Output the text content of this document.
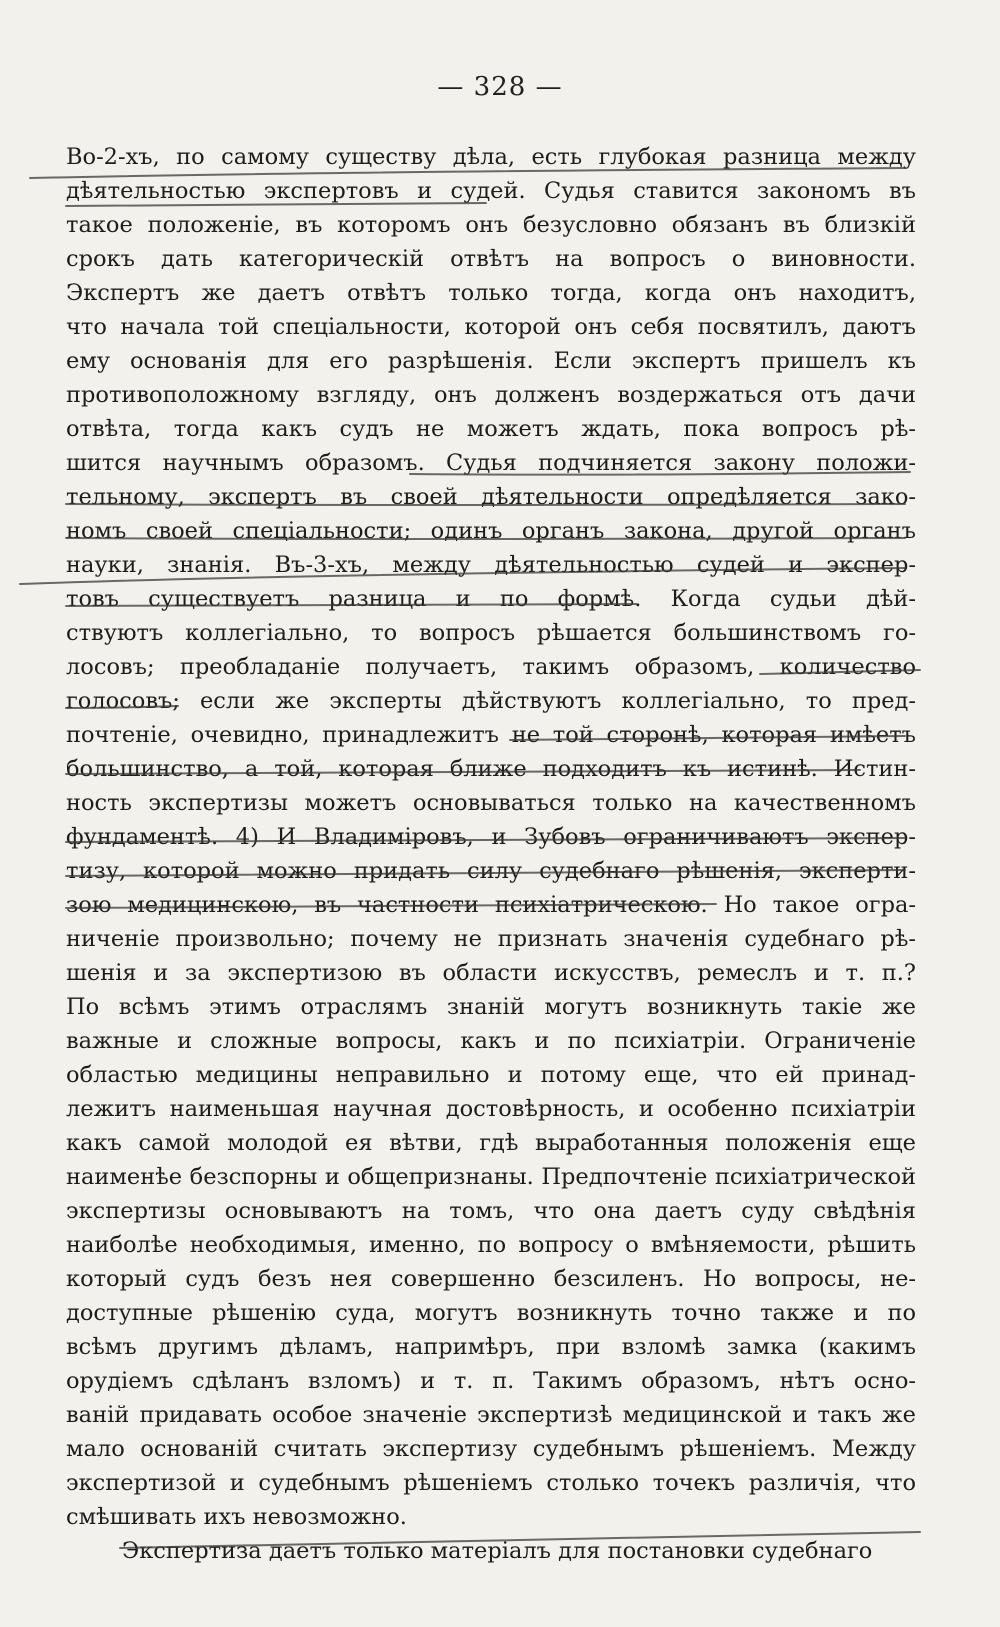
— 328 —
Во-2-хъ, по самому существу дѣла, есть глубокая разница между
дѣятельностью экспертовъ и судей. Судья ставится закономъ въ
такое положеніе, въ которомъ онъ безусловно обязанъ въ близкій
срокъ дать категорическій отвѣтъ на вопросъ о виновности.
Экспертъ же даетъ отвѣтъ только тогда, когда онъ находитъ,
что начала той спеціальности, которой онъ себя посвятилъ, даютъ
ему основанія для его разрѣшенія. Если экспертъ пришелъ къ
противоположному взгляду, онъ долженъ воздержаться отъ дачи
отвѣта, тогда какъ судъ не можетъ ждать, пока вопросъ рѣ-
шится научнымъ образомъ. Судья подчиняется закону положи-
тельному, экспертъ въ своей дѣятельности опредѣляется зако-
номъ своей спеціальности; одинъ органъ закона, другой органъ
науки, знанія. Въ-3-хъ, между дѣятельностью судей и экспер-
товъ существуетъ разница и по формѣ. Когда судьи дѣй-
ствуютъ коллегіально, то вопросъ рѣшается большинствомъ го-
лосовъ; преобладаніе получаетъ, такимъ образомъ, количество
голосовъ; если же эксперты дѣйствуютъ коллегіально, то пред-
почтеніе, очевидно, принадлежитъ не той сторонѣ, которая имѣетъ
большинство, а той, которая ближе подходитъ къ истинѣ. Истин-
ность экспертизы можетъ основываться только на качественномъ
фундаментѣ. 4) И Владиміровъ, и Зубовъ ограничиваютъ экспер-
тизу, которой можно придать силу судебнаго рѣшенія, эксперти-
зою медицинскою, въ частности психіатрическою. Но такое огра-
ниченіе произвольно; почему не признать значенія судебнаго рѣ-
шенія и за экспертизою въ области искусствъ, ремеслъ и т. п.?
По всѣмъ этимъ отраслямъ знаній могутъ возникнуть такіе же
важные и сложные вопросы, какъ и по психіатріи. Ограниченіе
областью медицины неправильно и потому еще, что ей принад-
лежитъ наименьшая научная достовѣрность, и особенно психіатріи
какъ самой молодой ея вѣтви, гдѣ выработанныя положенія еще
наименѣе безспорны и общепризнаны. Предпочтеніе психіатрической
экспертизы основываютъ на томъ, что она даетъ суду свѣдѣнія
наиболѣе необходимыя, именно, по вопросу о вмѣняемости, рѣшить
который судъ безъ нея совершенно безсиленъ. Но вопросы, не-
доступные рѣшенію суда, могутъ возникнуть точно также и по
всѣмъ другимъ дѣламъ, напримѣръ, при взломѣ замка (какимъ
орудіемъ сдѣланъ взломъ) и т. п. Такимъ образомъ, нѣтъ осно-
ваній придавать особое значеніе экспертизѣ медицинской и такъ же
мало основаній считать экспертизу судебнымъ рѣшеніемъ. Между
экспертизой и судебнымъ рѣшеніемъ столько точекъ различія, что
смѣшивать ихъ невозможно.
Экспертиза даетъ только матеріалъ для постановки судебнаго
